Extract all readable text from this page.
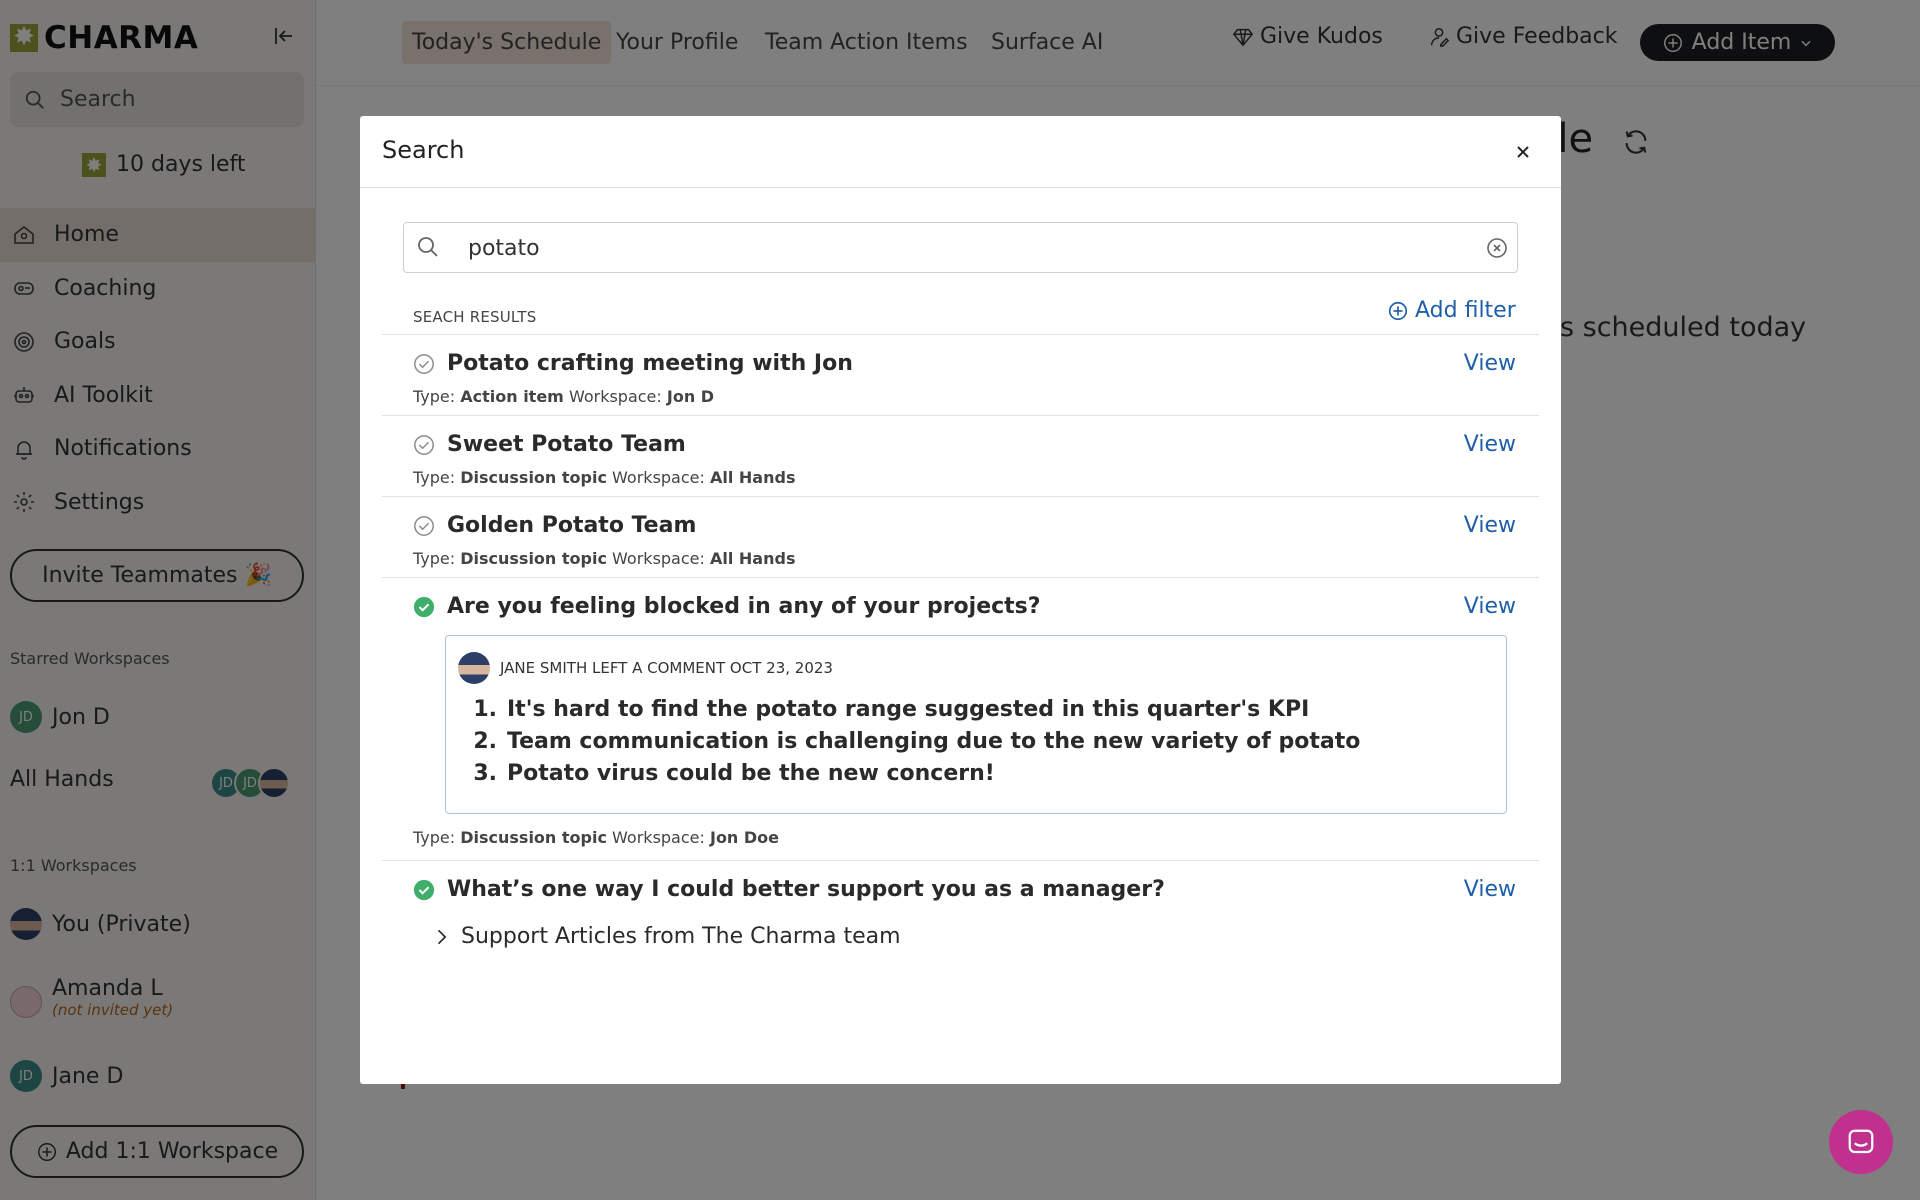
✸
Search
potato
SEACH RESULTS	Add filter
Potato crafting meeting with Jon	View
Type: Action item Workspace: Jon D
Sweet Potato Team	View
Type: Discussion topic Workspace: All Hands
Golden Potato Team	View
Type: Discussion topic Workspace: All Hands
Are you feeling blocked in any of your projects?	View
JANE SMITH LEFT A COMMENT OCT 23, 2023
1. It's hard to find the potato range suggested in this quarter's KPI
2. Team communication is challenging due to the new variety of potato
3. Potato virus could be the new concern!
Type: Discussion topic Workspace: Jon Doe
What’s one way I could better support you as a manager?	View
Support Articles from The Charma team
